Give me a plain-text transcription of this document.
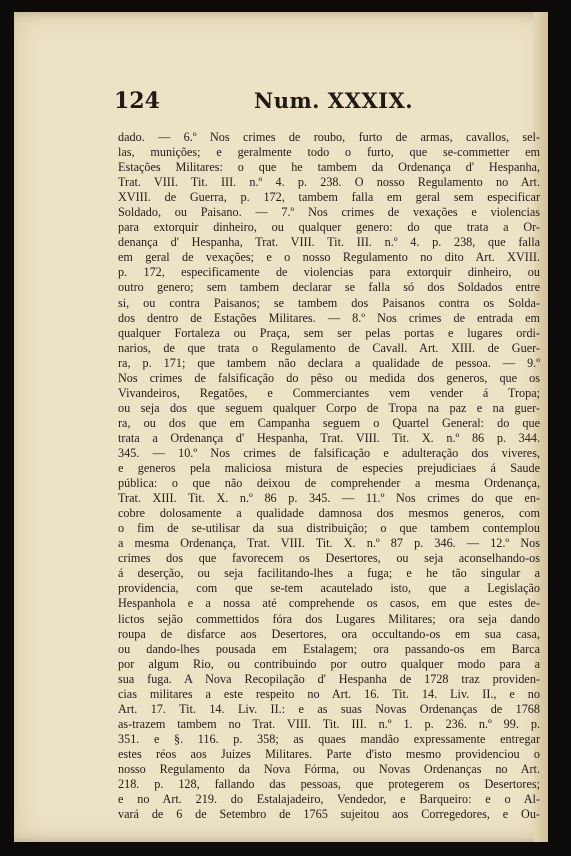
124	Num. XXXIX.
dado. — 6.º Nos crimes de roubo, furto de armas, cavallos, sel-
las, munições; e geralmente todo o furto, que se-commetter em
Estações Militares: o que he tambem da Ordenança d' Hespanha,
Trat. VIII. Tit. III. n.º 4. p. 238. O nosso Regulamento no Art.
XVIII. de Guerra, p. 172, tambem falla em geral sem especificar
Soldado, ou Paisano. — 7.º Nos crimes de vexações e violencias
para extorquir dinheiro, ou qualquer genero: do que trata a Or-
denança d' Hespanha, Trat. VIII. Tit. III. n.º 4. p. 238, que falla
em geral de vexações; e o nosso Regulamento no dito Art. XVIII.
p. 172, especificamente de violencias para extorquir dinheiro, ou
outro genero; sem tambem declarar se falla só dos Soldados entre
si, ou contra Paisanos; se tambem dos Paisanos contra os Solda-
dos dentro de Estações Militares. — 8.º Nos crimes de entrada em
qualquer Fortaleza ou Praça, sem ser pelas portas e lugares ordi-
narios, de que trata o Regulamento de Cavall. Art. XIII. de Guer-
ra, p. 171; que tambem não declara a qualidade de pessoa. — 9.º
Nos crimes de falsificação do pêso ou medida dos generos, que os
Vivandeiros, Regatões, e Commerciantes vem vender á Tropa;
ou seja dos que seguem qualquer Corpo de Tropa na paz e na guer-
ra, ou dos que em Campanha seguem o Quartel General: do que
trata a Ordenança d' Hespanha, Trat. VIII. Tit. X. n.º 86 p. 344.
345. — 10.º Nos crimes de falsificação e adulteração dos viveres,
e generos pela maliciosa mistura de especies prejudiciaes á Saude
pública: o que não deixou de comprehender a mesma Ordenança,
Trat. XIII. Tit. X. n.º 86 p. 345. — 11.º Nos crimes do que en-
cobre dolosamente a qualidade damnosa dos mesmos generos, com
o fim de se-utilisar da sua distribuição; o que tambem contemplou
a mesma Ordenança, Trat. VIII. Tit. X. n.º 87 p. 346. — 12.º Nos
crimes dos que favorecem os Desertores, ou seja aconselhando-os
á deserção, ou seja facilitando-lhes a fuga; e he tão singular a
providencia, com que se-tem acautelado isto, que a Legislação
Hespanhola e a nossa até comprehende os casos, em que estes de-
lictos sejão commettidos fóra dos Lugares Militares; ora seja dando
roupa de disfarce aos Desertores, ora occultando-os em sua casa,
ou dando-lhes pousada em Estalagem; ora passando-os em Barca
por algum Rio, ou contribuindo por outro qualquer modo para a
sua fuga. A Nova Recopilação d' Hespanha de 1728 traz providen-
cias militares a este respeito no Art. 16. Tit. 14. Liv. II., e no
Art. 17. Tit. 14. Liv. II.: e as suas Novas Ordenanças de 1768
as-trazem tambem no Trat. VIII. Tit. III. n.º 1. p. 236. n.º 99. p.
351. e §. 116. p. 358; as quaes mandão expressamente entregar
estes réos aos Juizes Militares. Parte d'isto mesmo providenciou o
nosso Regulamento da Nova Fórma, ou Novas Ordenanças no Art.
218. p. 128, fallando das pessoas, que protegerem os Desertores;
e no Art. 219. do Estalajadeiro, Vendedor, e Barqueiro: e o Al-
vará de 6 de Setembro de 1765 sujeitou aos Corregedores, e Ou-
